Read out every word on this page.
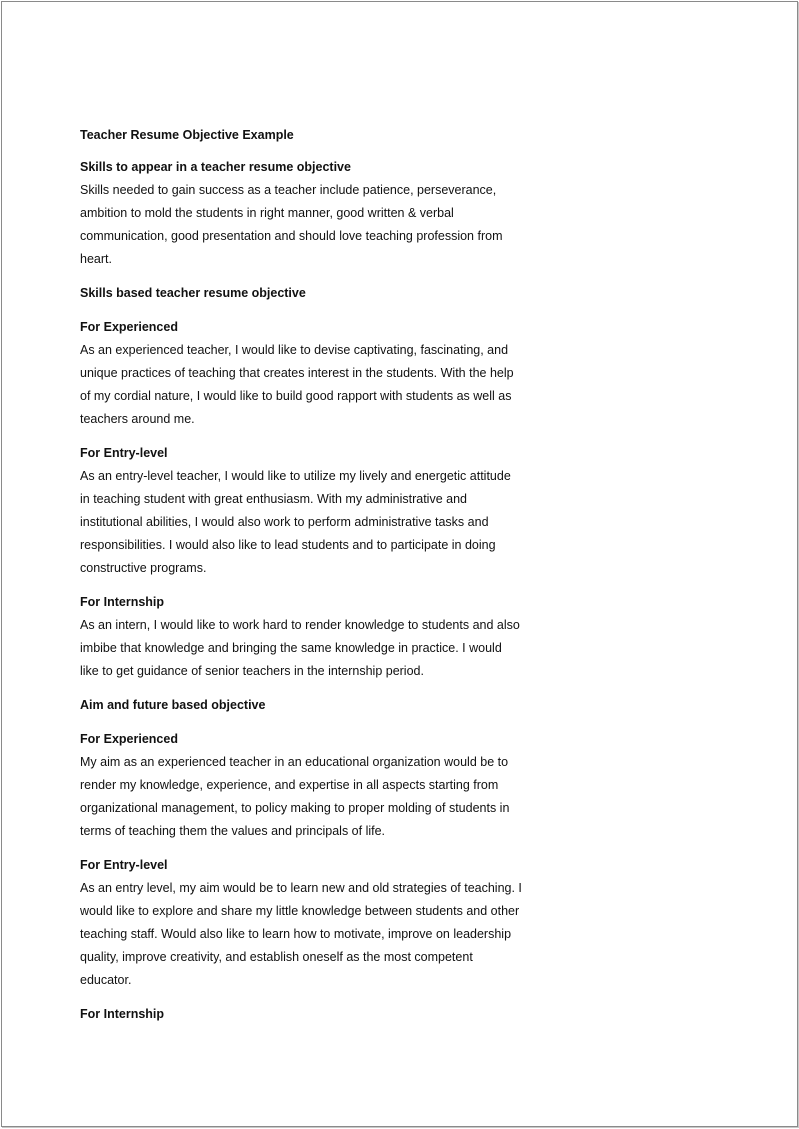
Teacher Resume Objective Example
Skills to appear in a teacher resume objective
Skills needed to gain success as a teacher include patience, perseverance,
ambition to mold the students in right manner, good written & verbal
communication, good presentation and should love teaching profession from
heart.
Skills based teacher resume objective
For Experienced
As an experienced teacher, I would like to devise captivating, fascinating, and
unique practices of teaching that creates interest in the students. With the help
of my cordial nature, I would like to build good rapport with students as well as
teachers around me.
For Entry-level
As an entry-level teacher, I would like to utilize my lively and energetic attitude
in teaching student with great enthusiasm. With my administrative and
institutional abilities, I would also work to perform administrative tasks and
responsibilities. I would also like to lead students and to participate in doing
constructive programs.
For Internship
As an intern, I would like to work hard to render knowledge to students and also
imbibe that knowledge and bringing the same knowledge in practice. I would
like to get guidance of senior teachers in the internship period.
Aim and future based objective
For Experienced
My aim as an experienced teacher in an educational organization would be to
render my knowledge, experience, and expertise in all aspects starting from
organizational management, to policy making to proper molding of students in
terms of teaching them the values and principals of life.
For Entry-level
As an entry level, my aim would be to learn new and old strategies of teaching. I
would like to explore and share my little knowledge between students and other
teaching staff. Would also like to learn how to motivate, improve on leadership
quality, improve creativity, and establish oneself as the most competent
educator.
For Internship
